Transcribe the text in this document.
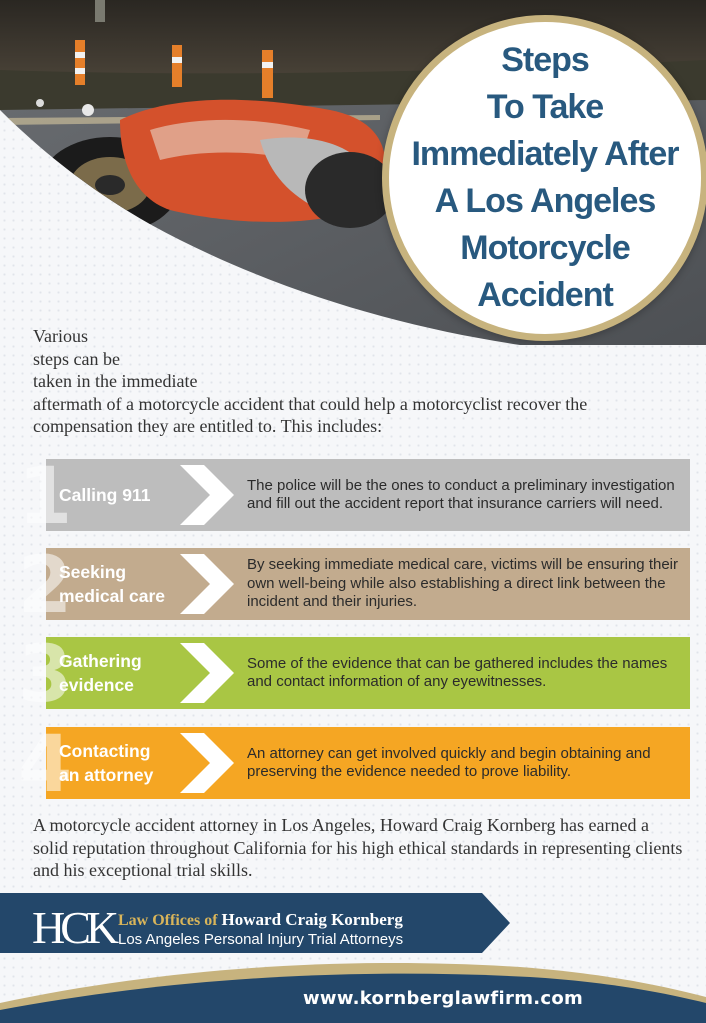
Steps
To Take
Immediately After
A Los Angeles
Motorcycle
Accident
Various
steps can be
taken in the immediate
aftermath of a motorcycle accident that could help a motorcyclist recover the
compensation they are entitled to. This includes:
1
Calling 911	The police will be the ones to conduct a preliminary investigation and fill out the accident report that insurance carriers will need.
2
Seeking
medical care
By seeking immediate medical care, victims will be ensuring their own well-being while also establishing a direct link between the incident and their injuries.
3
Gathering
evidence
Some of the evidence that can be gathered includes the names and contact information of any eyewitnesses.
4
Contacting
an attorney
An attorney can get involved quickly and begin obtaining and preserving the evidence needed to prove liability.
A motorcycle accident attorney in Los Angeles, Howard Craig Kornberg has earned a solid reputation throughout California for his high ethical standards in representing clients and his exceptional trial skills.
HCK Law Offices of Howard Craig Kornberg
Los Angeles Personal Injury Trial Attorneys
www.kornberglawfirm.com
